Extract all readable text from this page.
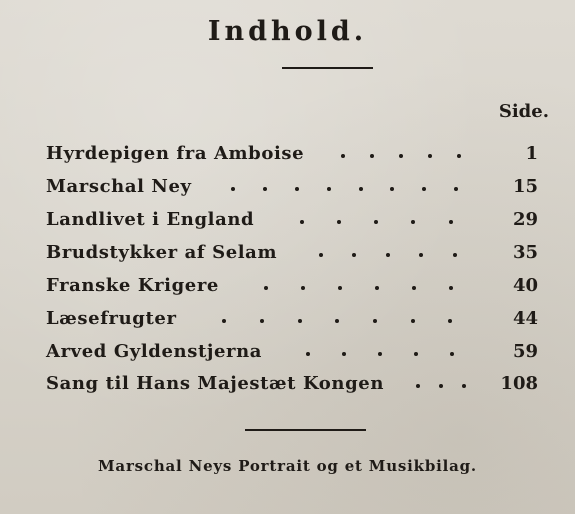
Indhold.
Side.
Hyrdepigen fra Amboise	1
Marschal Ney	15
Landlivet i England	29
Brudstykker af Selam	35
Franske Krigere	40
Læsefrugter	44
Arved Gyldenstjerna	59
Sang til Hans Majestæt Kongen	108
Marschal Neys Portrait og et Musikbilag.
